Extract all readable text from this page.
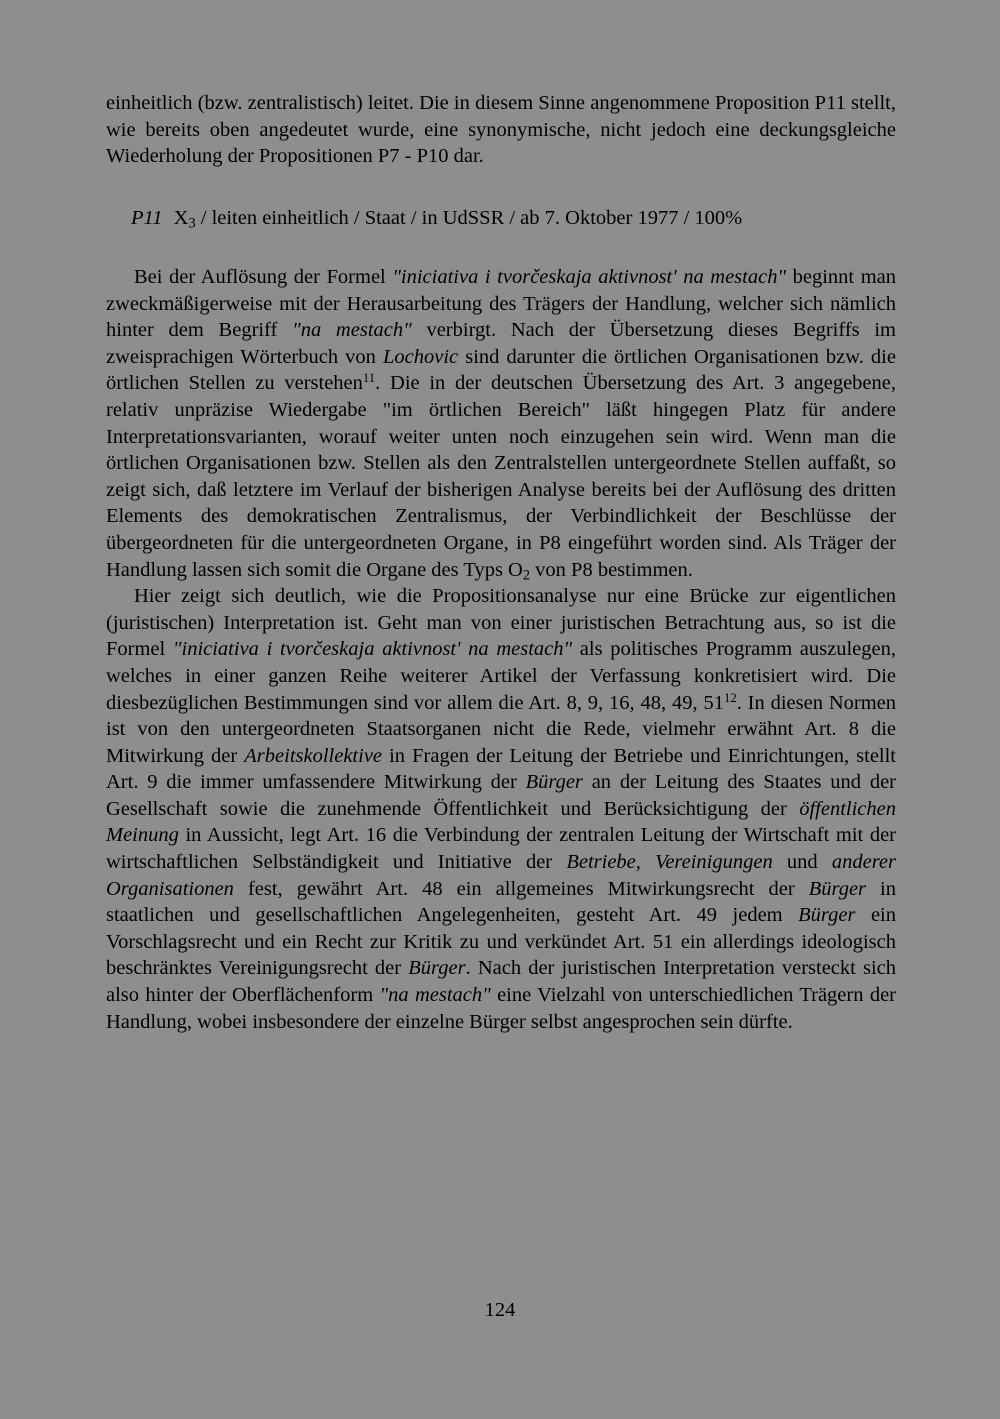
einheitlich (bzw. zentralistisch) leitet. Die in diesem Sinne angenommene Proposition P11 stellt, wie bereits oben angedeutet wurde, eine synonymische, nicht jedoch eine deckungsgleiche Wiederholung der Propositionen P7 - P10 dar.

P11 $X_3$ / leiten einheitlich / Staat / in UdSSR / ab 7. Oktober 1977 / 100%

Bei der Auflösung der Formel "iniciativa i tvorčeskaja aktivnost' na mestach" beginnt man zweckmäßigerweise mit der Herausarbeitung des Trägers der Handlung, welcher sich nämlich hinter dem Begriff "na mestach" verbirgt. Nach der Übersetzung dieses Begriffs im zweisprachigen Wörterbuch von Lochovic sind darunter die örtlichen Organisationen bzw. die örtlichen Stellen zu verstehen$^{11}$. Die in der deutschen Übersetzung des Art. 3 angegebene, relativ unpräzise Wiedergabe "im örtlichen Bereich" läßt hingegen Platz für andere Interpretationsvarianten, worauf weiter unten noch einzugehen sein wird. Wenn man die örtlichen Organisationen bzw. Stellen als den Zentralstellen untergeordnete Stellen auffaßt, so zeigt sich, daß letztere im Verlauf der bisherigen Analyse bereits bei der Auflösung des dritten Elements des demokratischen Zentralismus, der Verbindlichkeit der Beschlüsse der übergeordneten für die untergeordneten Organe, in P8 eingeführt worden sind. Als Träger der Handlung lassen sich somit die Organe des Typs $O_2$ von P8 bestimmen.

Hier zeigt sich deutlich, wie die Propositionsanalyse nur eine Brücke zur eigentlichen (juristischen) Interpretation ist. Geht man von einer juristischen Betrachtung aus, so ist die Formel "iniciativa i tvorčeskaja aktivnost' na mestach" als politisches Programm auszulegen, welches in einer ganzen Reihe weiterer Artikel der Verfassung konkretisiert wird. Die diesbezüglichen Bestimmungen sind vor allem die Art. 8, 9, 16, 48, 49, $51^{12}$. In diesen Normen ist von den untergeordneten Staatsorganen nicht die Rede, vielmehr erwähnt Art. 8 die Mitwirkung der Arbeitskollektive in Fragen der Leitung der Betriebe und Einrichtungen, stellt Art. 9 die immer umfassendere Mitwirkung der Bürger an der Leitung des Staates und der Gesellschaft sowie die zunehmende Öffentlichkeit und Berücksichtigung der öffentlichen Meinung in Aussicht, legt Art. 16 die Verbindung der zentralen Leitung der Wirtschaft mit der wirtschaftlichen Selbständigkeit und Initiative der Betriebe, Vereinigungen und anderer Organisationen fest, gewährt Art. 48 ein allgemeines Mitwirkungsrecht der Bürger in staatlichen und gesellschaftlichen Angelegenheiten, gesteht Art. 49 jedem Bürger ein Vorschlagsrecht und ein Recht zur Kritik zu und verkündet Art. 51 ein allerdings ideologisch beschränktes Vereinigungsrecht der Bürger. Nach der juristischen Interpretation versteckt sich also hinter der Oberflächenform "na mestach" eine Vielzahl von unterschiedlichen Trägern der Handlung, wobei insbesondere der einzelne Bürger selbst angesprochen sein dürfte.

124
